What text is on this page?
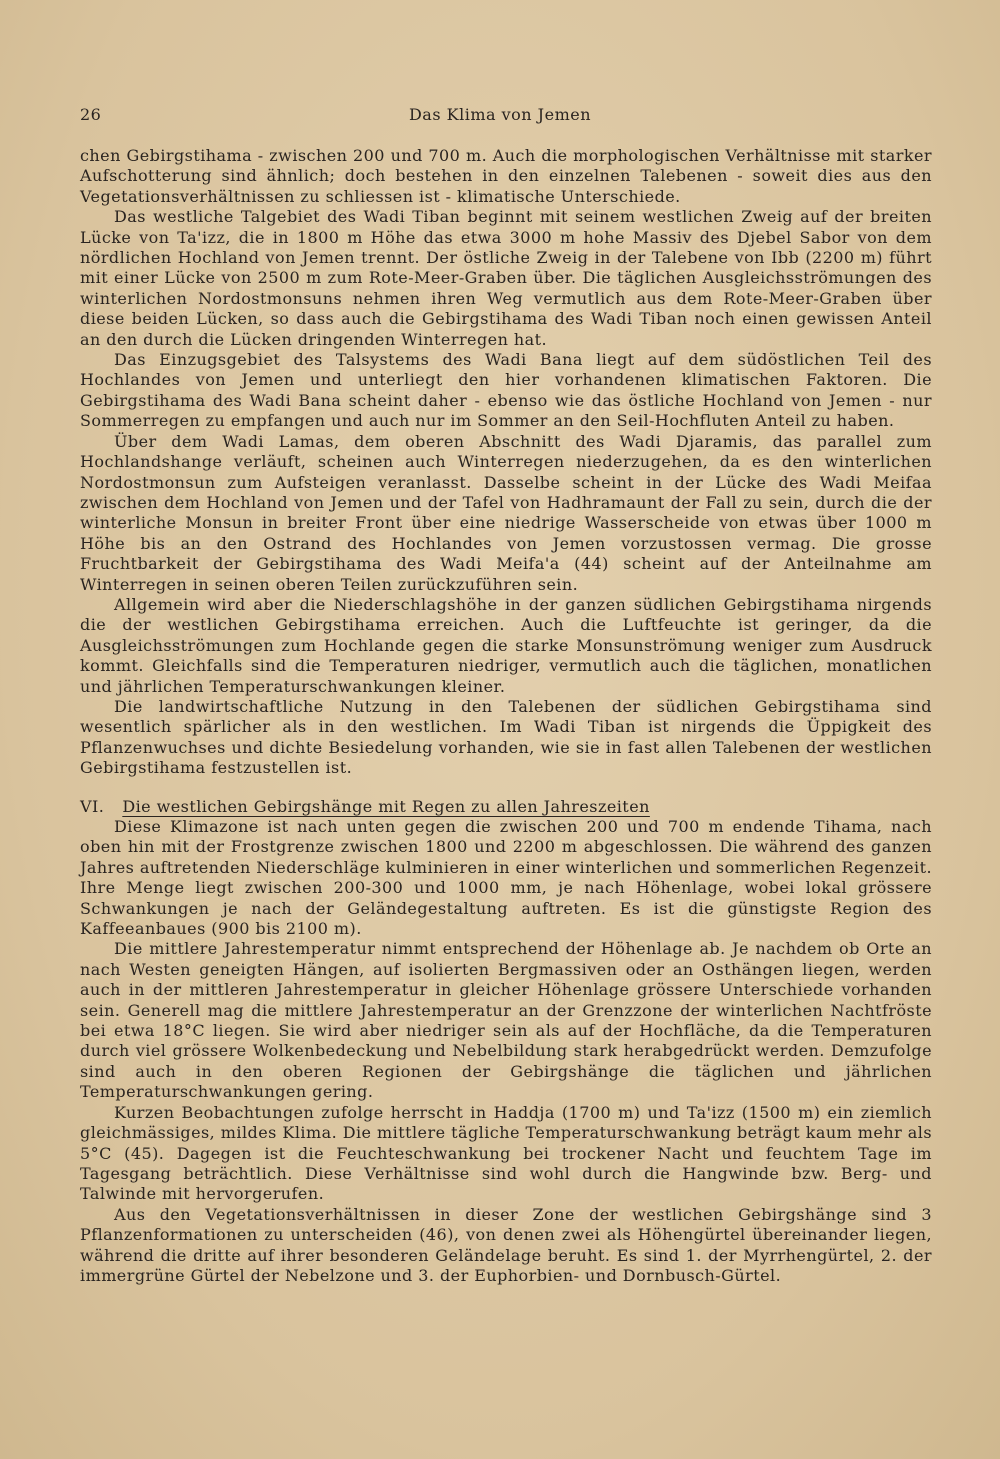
26	Das Klima von Jemen

chen Gebirgstihama - zwischen 200 und 700 m. Auch die morphologischen Verhältnisse mit starker Aufschotterung sind ähnlich; doch bestehen in den einzelnen Talebenen - soweit dies aus den Vegetationsverhältnissen zu schliessen ist - klimatische Unterschiede.

Das westliche Talgebiet des Wadi Tiban beginnt mit seinem westlichen Zweig auf der breiten Lücke von Ta'izz, die in 1800 m Höhe das etwa 3000 m hohe Massiv des Djebel Sabor von dem nördlichen Hochland von Jemen trennt. Der östliche Zweig in der Talebene von Ibb (2200 m) führt mit einer Lücke von 2500 m zum Rote-Meer-Graben über. Die täglichen Ausgleichsströmungen des winterlichen Nordostmonsuns nehmen ihren Weg vermutlich aus dem Rote-Meer-Graben über diese beiden Lücken, so dass auch die Gebirgstihama des Wadi Tiban noch einen gewissen Anteil an den durch die Lücken dringenden Winterregen hat.

Das Einzugsgebiet des Talsystems des Wadi Bana liegt auf dem südöstlichen Teil des Hochlandes von Jemen und unterliegt den hier vorhandenen klimatischen Faktoren. Die Gebirgstihama des Wadi Bana scheint daher - ebenso wie das östliche Hochland von Jemen - nur Sommerregen zu empfangen und auch nur im Sommer an den Seil-Hochfluten Anteil zu haben.

Über dem Wadi Lamas, dem oberen Abschnitt des Wadi Djaramis, das parallel zum Hochlandshange verläuft, scheinen auch Winterregen niederzugehen, da es den winterlichen Nordostmonsun zum Aufsteigen veranlasst. Dasselbe scheint in der Lücke des Wadi Meifaa zwischen dem Hochland von Jemen und der Tafel von Hadhramaunt der Fall zu sein, durch die der winterliche Monsun in breiter Front über eine niedrige Wasserscheide von etwas über 1000 m Höhe bis an den Ostrand des Hochlandes von Jemen vorzustossen vermag. Die grosse Fruchtbarkeit der Gebirgstihama des Wadi Meifa'a (44) scheint auf der Anteilnahme am Winterregen in seinen oberen Teilen zurückzuführen sein.

Allgemein wird aber die Niederschlagshöhe in der ganzen südlichen Gebirgstihama nirgends die der westlichen Gebirgstihama erreichen. Auch die Luftfeuchte ist geringer, da die Ausgleichsströmungen zum Hochlande gegen die starke Monsunströmung weniger zum Ausdruck kommt. Gleichfalls sind die Temperaturen niedriger, vermutlich auch die täglichen, monatlichen und jährlichen Temperaturschwankungen kleiner.

Die landwirtschaftliche Nutzung in den Talebenen der südlichen Gebirgstihama sind wesentlich spärlicher als in den westlichen. Im Wadi Tiban ist nirgends die Üppigkeit des Pflanzenwuchses und dichte Besiedelung vorhanden, wie sie in fast allen Talebenen der westlichen Gebirgstihama festzustellen ist.

VI. Die westlichen Gebirgshänge mit Regen zu allen Jahreszeiten

Diese Klimazone ist nach unten gegen die zwischen 200 und 700 m endende Tihama, nach oben hin mit der Frostgrenze zwischen 1800 und 2200 m abgeschlossen. Die während des ganzen Jahres auftretenden Niederschläge kulminieren in einer winterlichen und sommerlichen Regenzeit. Ihre Menge liegt zwischen 200-300 und 1000 mm, je nach Höhenlage, wobei lokal grössere Schwankungen je nach der Geländegestaltung auftreten. Es ist die günstigste Region des Kaffeeanbaues (900 bis 2100 m).

Die mittlere Jahrestemperatur nimmt entsprechend der Höhenlage ab. Je nachdem ob Orte an nach Westen geneigten Hängen, auf isolierten Bergmassiven oder an Osthängen liegen, werden auch in der mittleren Jahrestemperatur in gleicher Höhenlage grössere Unterschiede vorhanden sein. Generell mag die mittlere Jahrestemperatur an der Grenzzone der winterlichen Nachtfröste bei etwa 18°C liegen. Sie wird aber niedriger sein als auf der Hochfläche, da die Temperaturen durch viel grössere Wolkenbedeckung und Nebelbildung stark herabgedrückt werden. Demzufolge sind auch in den oberen Regionen der Gebirgshänge die täglichen und jährlichen Temperaturschwankungen gering.

Kurzen Beobachtungen zufolge herrscht in Haddja (1700 m) und Ta'izz (1500 m) ein ziemlich gleichmässiges, mildes Klima. Die mittlere tägliche Temperaturschwankung beträgt kaum mehr als 5°C (45). Dagegen ist die Feuchteschwankung bei trockener Nacht und feuchtem Tage im Tagesgang beträchtlich. Diese Verhältnisse sind wohl durch die Hangwinde bzw. Berg- und Talwinde mit hervorgerufen.

Aus den Vegetationsverhältnissen in dieser Zone der westlichen Gebirgshänge sind 3 Pflanzenformationen zu unterscheiden (46), von denen zwei als Höhengürtel übereinander liegen, während die dritte auf ihrer besonderen Geländelage beruht. Es sind 1. der Myrrhengürtel, 2. der immergrüne Gürtel der Nebelzone und 3. der Euphorbien- und Dornbusch-Gürtel.
